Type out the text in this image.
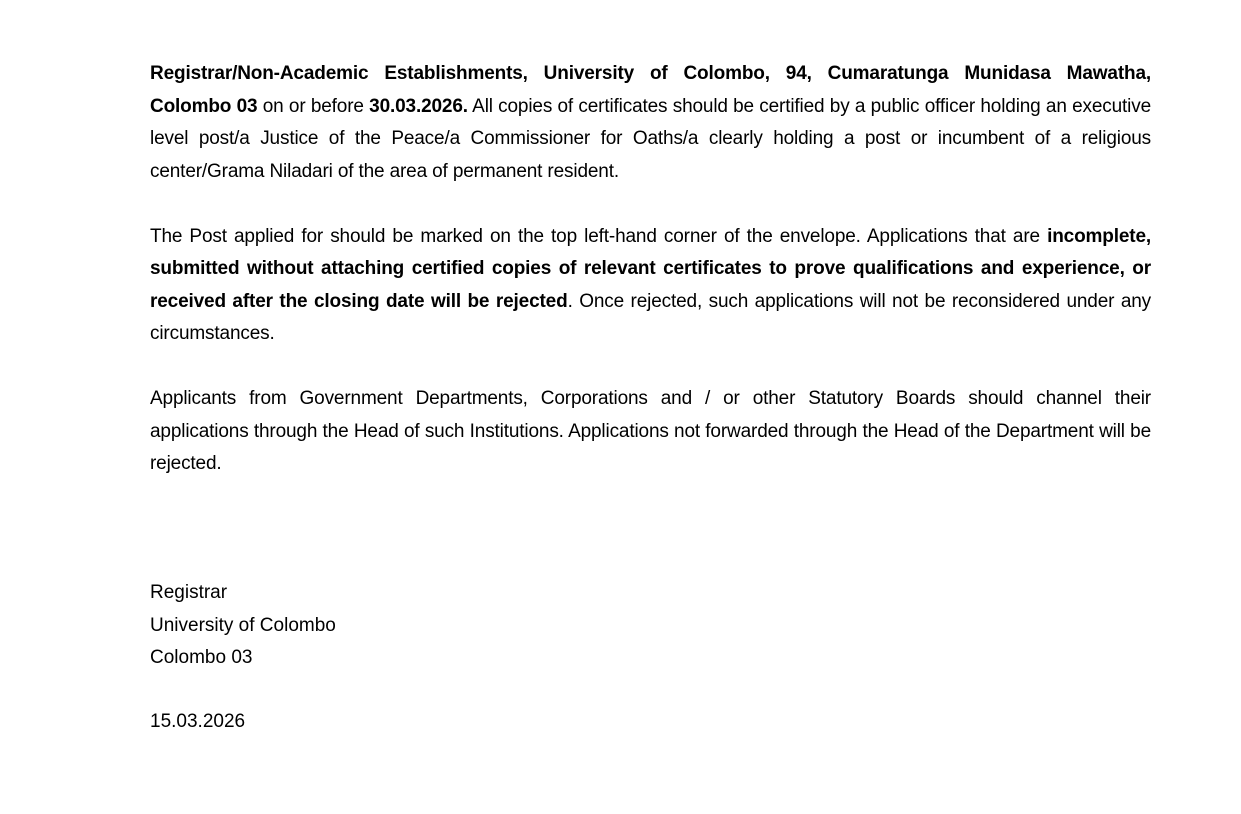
Registrar/Non-Academic Establishments, University of Colombo, 94, Cumaratunga Munidasa Mawatha, Colombo 03 on or before 30.03.2026. All copies of certificates should be certified by a public officer holding an executive level post/a Justice of the Peace/a Commissioner for Oaths/a clearly holding a post or incumbent of a religious center/Grama Niladari of the area of permanent resident.

The Post applied for should be marked on the top left-hand corner of the envelope. Applications that are incomplete, submitted without attaching certified copies of relevant certificates to prove qualifications and experience, or received after the closing date will be rejected. Once rejected, such applications will not be reconsidered under any circumstances.

Applicants from Government Departments, Corporations and / or other Statutory Boards should channel their applications through the Head of such Institutions. Applications not forwarded through the Head of the Department will be rejected.

Registrar
University of Colombo
Colombo 03
15.03.2026
